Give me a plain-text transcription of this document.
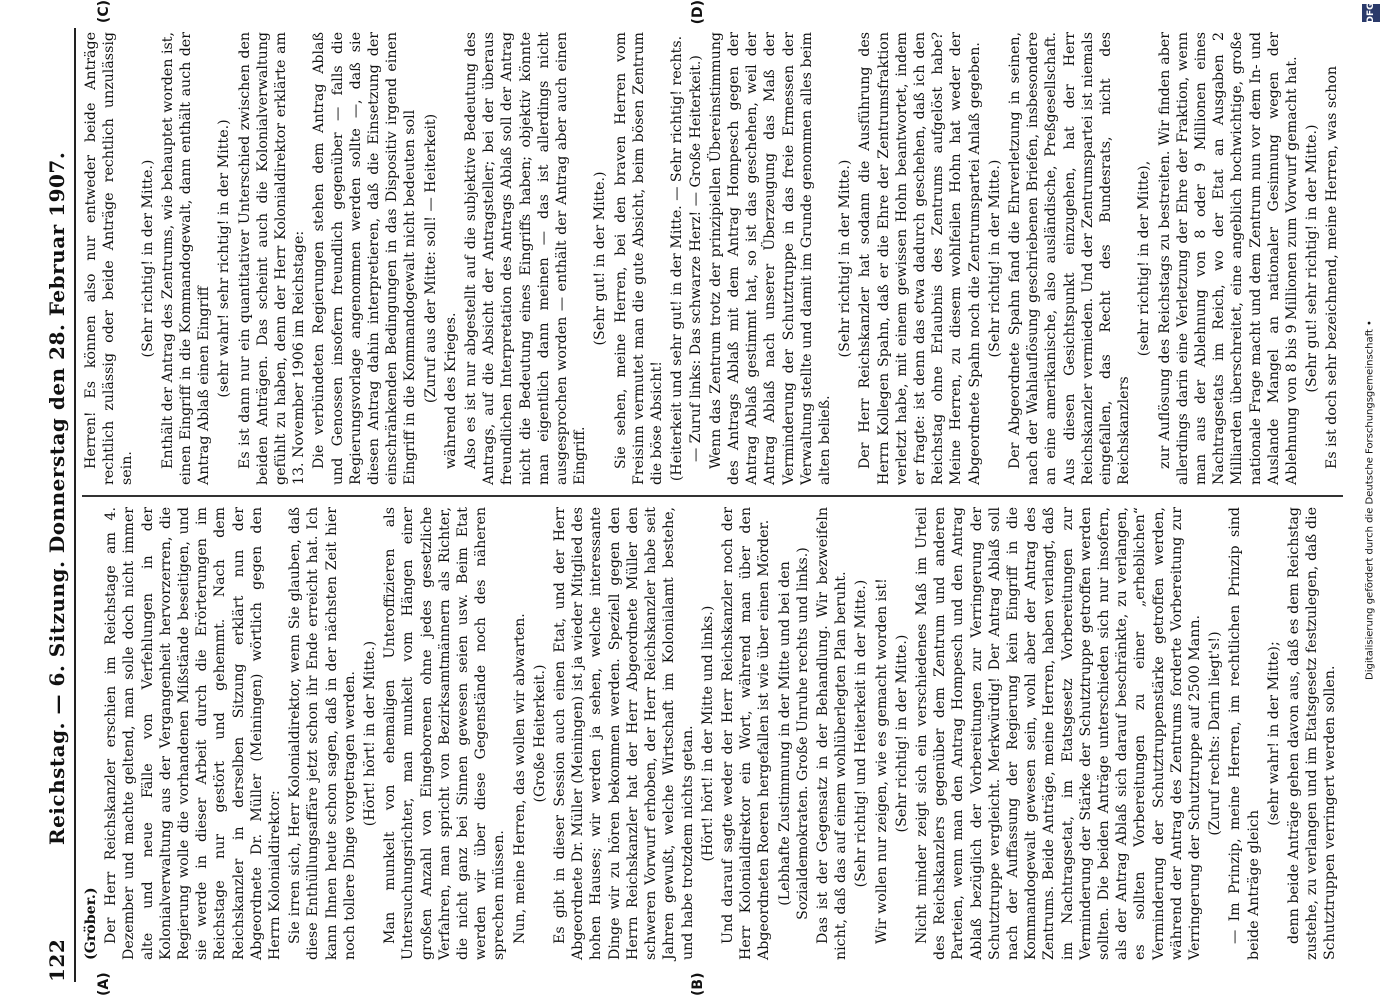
122
Reichstag. — 6. Sitzung. Donnerstag den 28. Februar 1907.
(A)	(B)
(C)	(D)

(Gröber.) Der Herr Reichskanzler erschien im Reichstage am 4. Dezember und machte geltend, man solle doch nicht immer alte und neue Fälle von Verfehlungen in der Kolonialverwaltung aus der Vergangenheit hervorzerren, die Regierung wolle die vorhandenen Mißstände beseitigen, und sie werde in dieser Arbeit durch die Erörterungen im Reichstage nur gestört und gehemmt. Nach dem Reichskanzler in derselben Sitzung erklärt nun der Abgeordnete Dr. Müller (Meiningen) wörtlich gegen den Herrn Kolonialdirektor: Sie irren sich, Herr Kolonialdirektor, wenn Sie glauben, daß diese Enthüllungsaffäre jetzt schon ihr Ende erreicht hat. Ich kann Ihnen heute schon sagen, daß in der nächsten Zeit hier noch tollere Dinge vorgetragen werden. (Hört! hört! in der Mitte.) Man munkelt von ehemaligen Unteroffizieren als Untersuchungsrichter, man munkelt vom Hängen einer großen Anzahl von Eingeborenen ohne jedes gesetzliche Verfahren, man spricht von Bezirksamtmännern als Richter, die nicht ganz bei Sinnen gewesen seien usw. Beim Etat werden wir über diese Gegenstände noch des näheren sprechen müssen. Nun, meine Herren, das wollen wir abwarten. (Große Heiterkeit.) Es gibt in dieser Session auch einen Etat, und der Herr Abgeordnete Dr. Müller (Meiningen) ist ja wieder Mitglied des hohen Hauses; wir werden ja sehen, welche interessante Dinge wir zu hören bekommen werden. Speziell gegen den Herrn Reichskanzler hat der Herr Abgeordnete Müller den schweren Vorwurf erhoben, der Herr Reichskanzler habe seit Jahren gewußt, welche Wirtschaft im Kolonialamt bestehe, und habe trotzdem nichts getan. (Hört! hört! in der Mitte und links.) Und darauf sagte weder der Herr Reichskanzler noch der Herr Kolonialdirektor ein Wort, während man über den Abgeordneten Roeren hergefallen ist wie über einen Mörder. (Lebhafte Zustimmung in der Mitte und bei den Sozialdemokraten. Große Unruhe rechts und links.) Das ist der Gegensatz in der Behandlung. Wir bezweifeln nicht, daß das auf einem wohlüberlegten Plan beruht. (Sehr richtig! und Heiterkeit in der Mitte.) Wir wollen nur zeigen, wie es gemacht worden ist! (Sehr richtig! in der Mitte.) Nicht minder zeigt sich ein verschiedenes Maß im Urteil des Reichskanzlers gegenüber dem Zentrum und anderen Parteien, wenn man den Antrag Hompesch und den Antrag Ablaß bezüglich der Vorbereitungen zur Verringerung der Schutztruppe vergleicht. Merkwürdig! Der Antrag Ablaß soll nach der Auffassung der Regierung kein Eingriff in die Kommandogewalt gewesen sein, wohl aber der Antrag des Zentrums. Beide Anträge, meine Herren, haben verlangt, daß im Nachtragsetat, im Etatsgesetz Vorbereitungen zur Verminderung der Stärke der Schutztruppe getroffen werden sollten. Die beiden Anträge unterschieden sich nur insofern, als der Antrag Ablaß sich darauf beschränkte, zu verlangen, es sollten Vorbereitungen zu einer „erheblichen“ Verminderung der Schutztruppenstärke getroffen werden, während der Antrag des Zentrums forderte Vorbereitung zur Verringerung der Schutztruppe auf 2500 Mann. (Zuruf rechts: Darin liegt's!) — Im Prinzip, meine Herren, im rechtlichen Prinzip sind beide Anträge gleich

(sehr wahr! in der Mitte); denn beide Anträge gehen davon aus, daß es dem Reichstag zustehe, zu verlangen und im Etatsgesetz festzulegen, daß die Schutztruppen verringert werden sollen.

Herren! Es können also nur entweder beide Anträge rechtlich zulässig oder beide Anträge rechtlich unzulässig sein.

(Sehr richtig! in der Mitte.) Enthält der Antrag des Zentrums, wie behauptet worden ist, einen Eingriff in die Kommandogewalt, dann enthält auch der Antrag Ablaß einen Eingriff (sehr wahr! sehr richtig! in der Mitte.) Es ist dann nur ein quantitativer Unterschied zwischen den beiden Anträgen. Das scheint auch die Kolonialverwaltung gefühlt zu haben, denn der Herr Kolonialdirektor erklärte am 13. November 1906 im Reichstage: Die verbündeten Regierungen stehen dem Antrag Ablaß und Genossen insofern freundlich gegenüber — falls die Regierungsvorlage angenommen werden sollte —, daß sie diesen Antrag dahin interpretieren, daß die Einsetzung der einschränkenden Bedingungen in das Dispositiv irgend einen Eingriff in die Kommandogewalt nicht bedeuten soll (Zuruf aus der Mitte: soll! — Heiterkeit) während des Krieges. Also es ist nur abgestellt auf die subjektive Bedeutung des Antrags, auf die Absicht der Antragsteller; bei der überaus freundlichen Interpretation des Antrags Ablaß soll der Antrag nicht die Bedeutung eines Eingriffs haben; objektiv könnte man eigentlich dann meinen — das ist allerdings nicht ausgesprochen worden — enthält der Antrag aber auch einen Eingriff.

(Sehr gut! in der Mitte.) Sie sehen, meine Herren, bei den braven Herren vom Freisinn vermutet man die gute Absicht, beim bösen Zentrum die böse Absicht! (Heiterkeit und sehr gut! in der Mitte. — Sehr richtig! rechts. — Zuruf links: Das schwarze Herz! — Große Heiterkeit.) Wenn das Zentrum trotz der prinzipiellen Übereinstimmung des Antrags Ablaß mit dem Antrag Hompesch gegen der Antrag Ablaß gestimmt hat, so ist das geschehen, weil der Antrag Ablaß nach unserer Überzeugung das Maß der Verminderung der Schutztruppe in das freie Ermessen der Verwaltung stellte und damit im Grunde genommen alles beim alten beließ.

(Sehr richtig! in der Mitte.) Der Herr Reichskanzler hat sodann die Ausführung des Herrn Kollegen Spahn, daß er die Ehre der Zentrumsfraktion verletzt habe, mit einem gewissen Hohn beantwortet, indem er fragte: ist denn das etwa dadurch geschehen, daß ich den Reichstag ohne Erlaubnis des Zentrums aufgelöst habe? Meine Herren, zu diesem wohlfeilen Hohn hat weder der Abgeordnete Spahn noch die Zentrumspartei Anlaß gegeben. (Sehr richtig! in der Mitte.) Der Abgeordnete Spahn fand die Ehrverletzung in seinen, nach der Wahlauflösung geschriebenen Briefen, insbesondere an eine amerikanische, also ausländische, Preßgesellschaft. Aus diesen Gesichtspunkt einzugehen, hat der Herr Reichskanzler vermieden. Und der Zentrumspartei ist niemals eingefallen, das Recht des Bundesrats, nicht des Reichskanzlers

(sehr richtig! in der Mitte), zur Auflösung des Reichstags zu bestreiten. Wir finden aber allerdings darin eine Verletzung der Ehre der Fraktion, wenn man aus der Ablehnung von 8 oder 9 Millionen eines Nachtragsetats im Reich, wo der Etat an Ausgaben 2 Milliarden überschreitet, eine angeblich hochwichtige, große nationale Frage macht und dem Zentrum nun vor dem In- und Auslande Mangel an nationaler Gesinnung wegen der Ablehnung von 8 bis 9 Millionen zum Vorwurf gemacht hat. (Sehr gut! sehr richtig! in der Mitte.) Es ist doch sehr bezeichnend, meine Herren, was schon

DFG
Digitalisierung gefördert durch die Deutsche Forschungsgemeinschaft •
